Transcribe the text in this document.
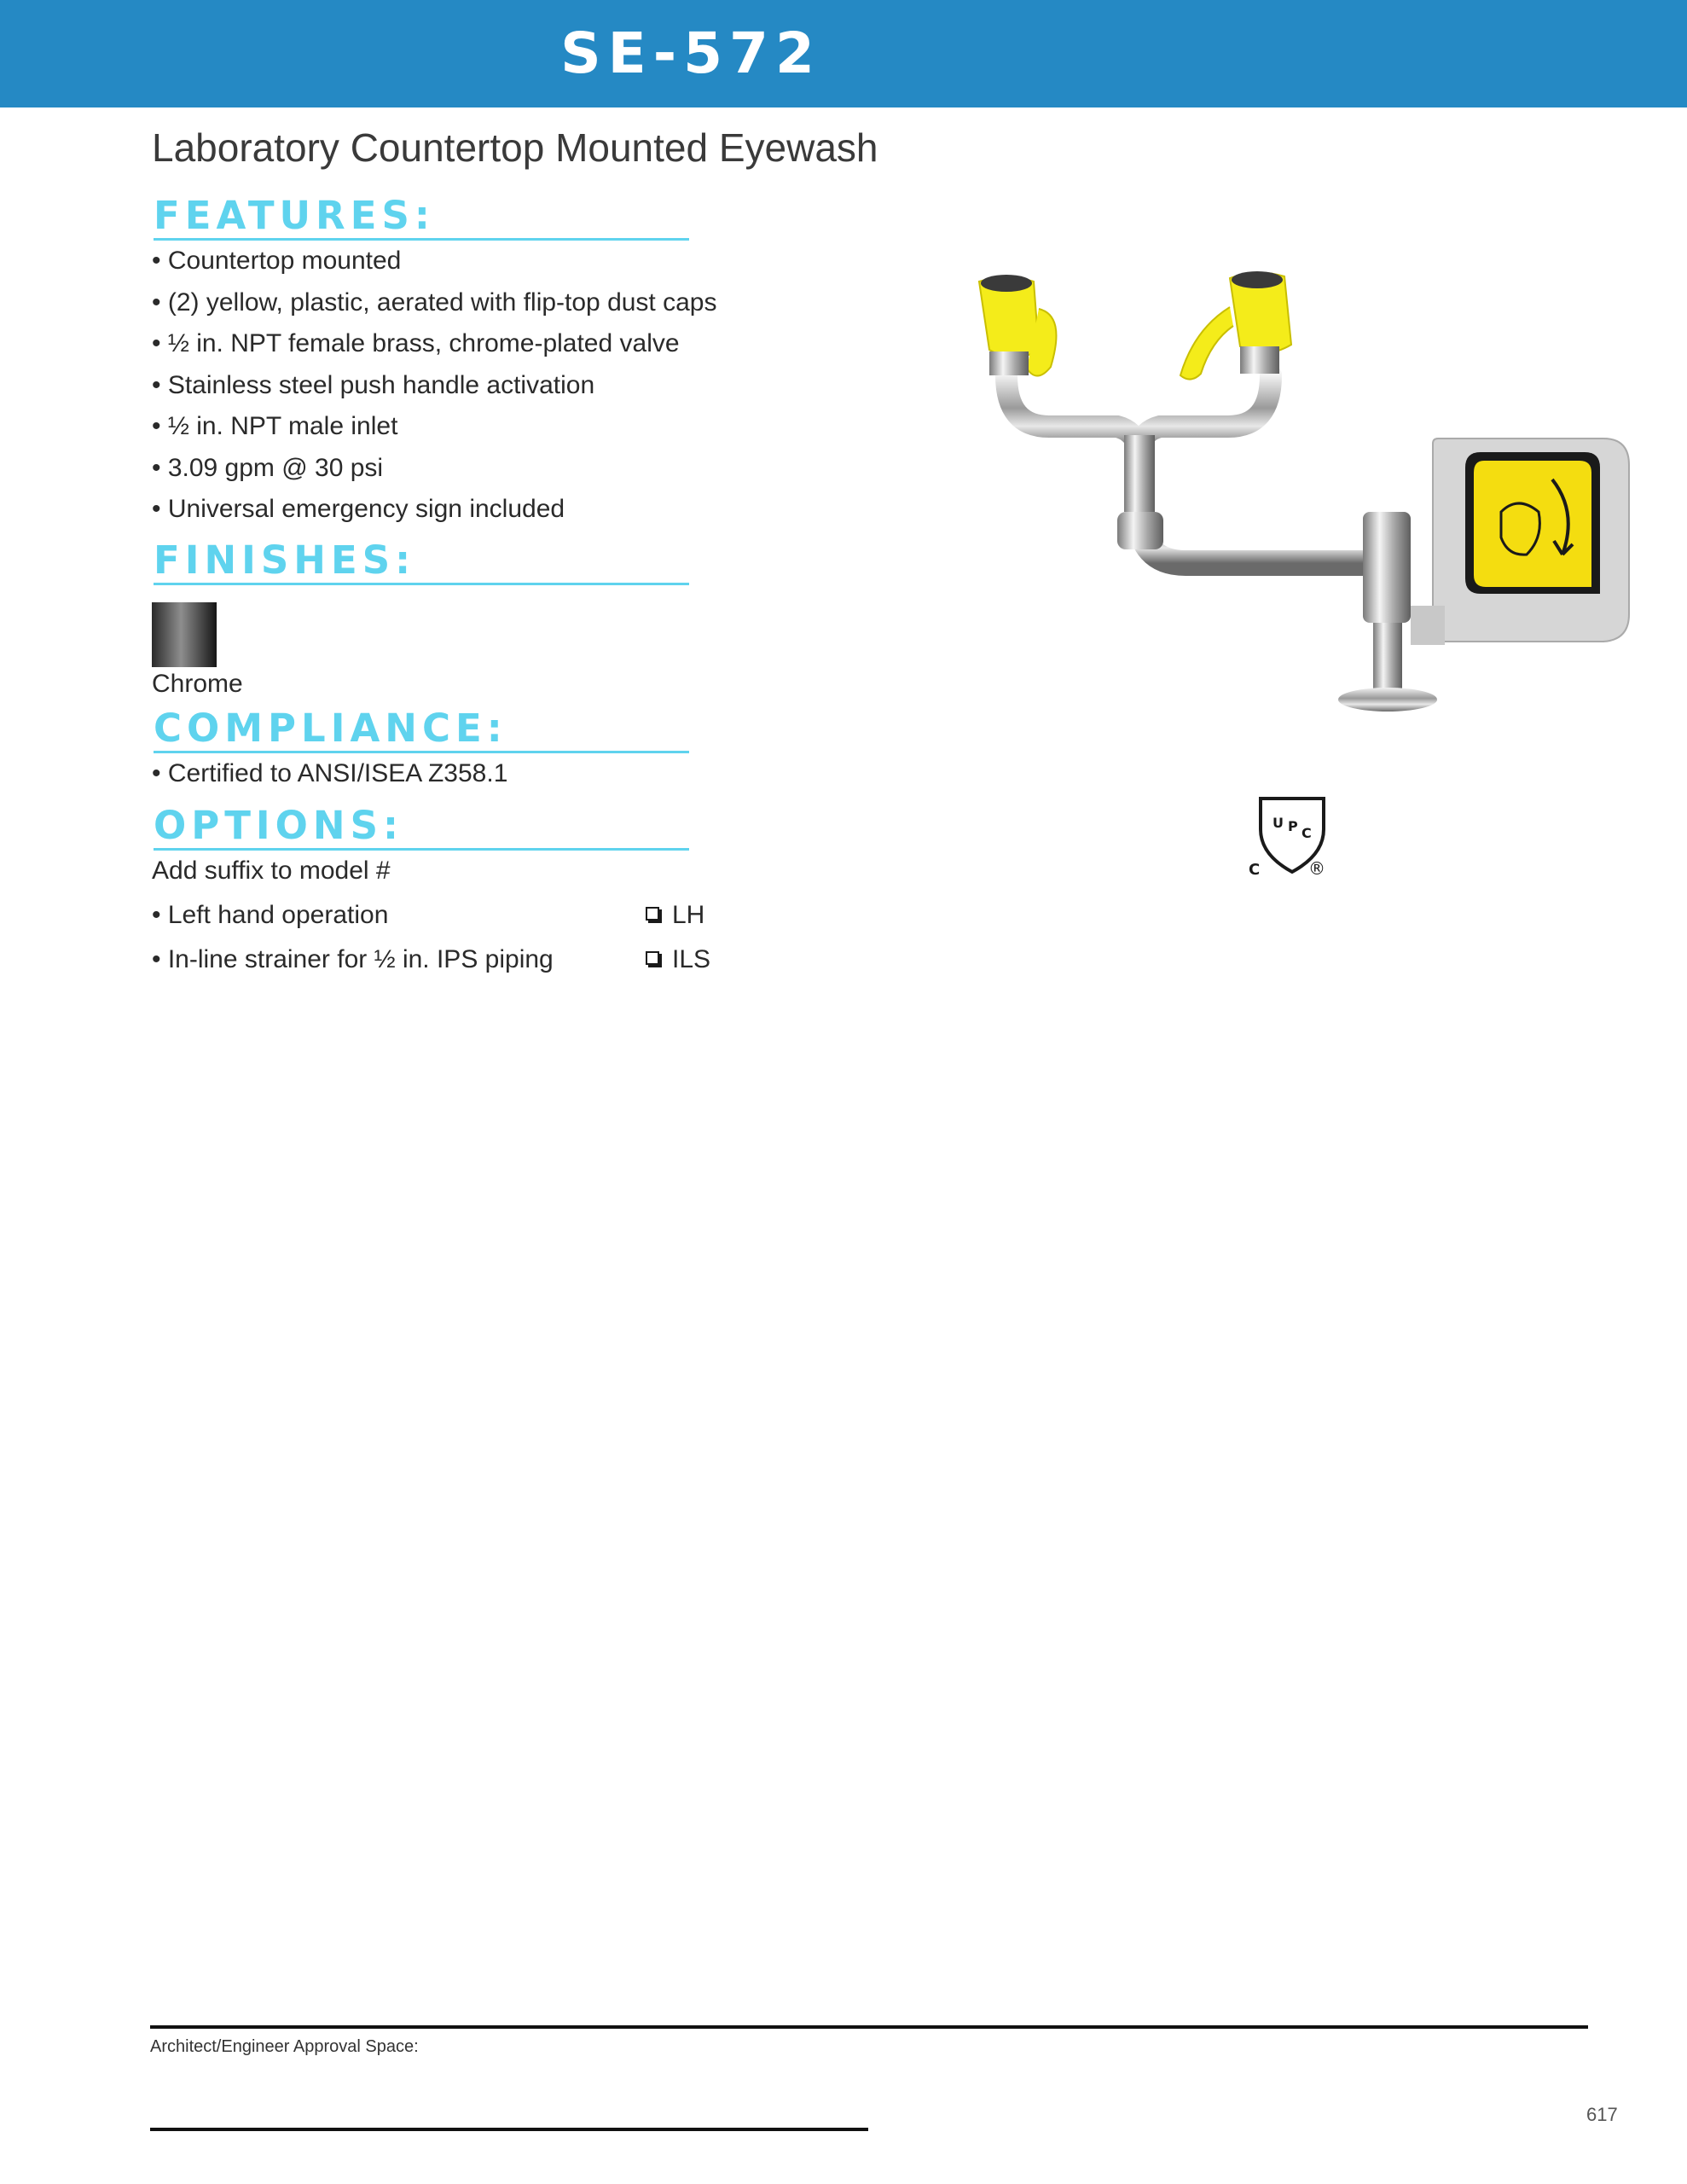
SE-572
Laboratory Countertop Mounted Eyewash
FEATURES:
• Countertop mounted
• (2) yellow, plastic, aerated with flip-top dust caps
• ½ in. NPT female brass, chrome-plated valve
• Stainless steel push handle activation
• ½ in. NPT male inlet
• 3.09 gpm @ 30 psi
• Universal emergency sign included
FINISHES:
Chrome
COMPLIANCE:
• Certified to ANSI/ISEA Z358.1
OPTIONS:
Add suffix to model #
• Left hand operation	LH
• In-line strainer for ½ in. IPS piping	ILS
U P C
C	®
Architect/Engineer Approval Space:
617
